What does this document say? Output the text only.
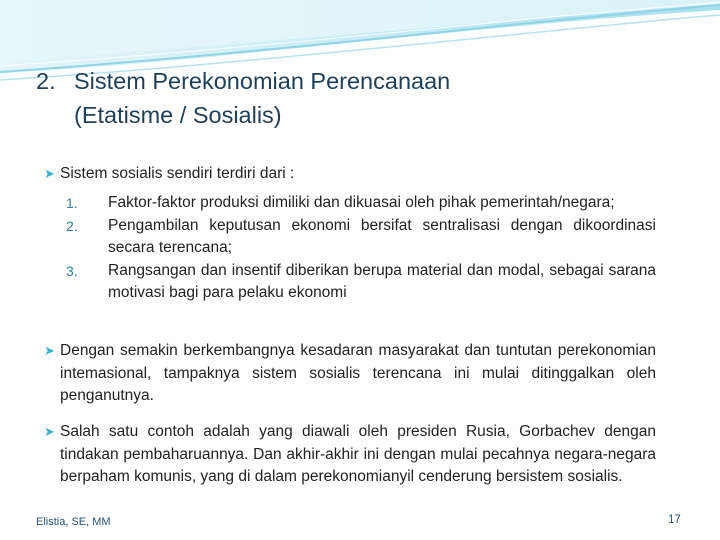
2. Sistem Perekonomian Perencanaan
(Etatisme / Sosialis)
➤ Sistem sosialis sendiri terdiri dari :
1. Faktor-faktor produksi dimiliki dan dikuasai oleh pihak pemerintah/negara;
2. Pengambilan keputusan ekonomi bersifat sentralisasi dengan dikoordinasi secara terencana;
3. Rangsangan dan insentif diberikan berupa material dan modal, sebagai sarana motivasi bagi para pelaku ekonomi
➤ Dengan semakin berkembangnya kesadaran masyarakat dan tuntutan perekonomian intemasional, tampaknya sistem sosialis terencana ini mulai ditinggalkan oleh penganutnya.
➤ Salah satu contoh adalah yang diawali oleh presiden Rusia, Gorbachev dengan tindakan pembaharuannya. Dan akhir-akhir ini dengan mulai pecahnya negara-negara berpaham komunis, yang di dalam perekonomianyil cenderung bersistem sosialis.
Elistia, SE, MM	17
